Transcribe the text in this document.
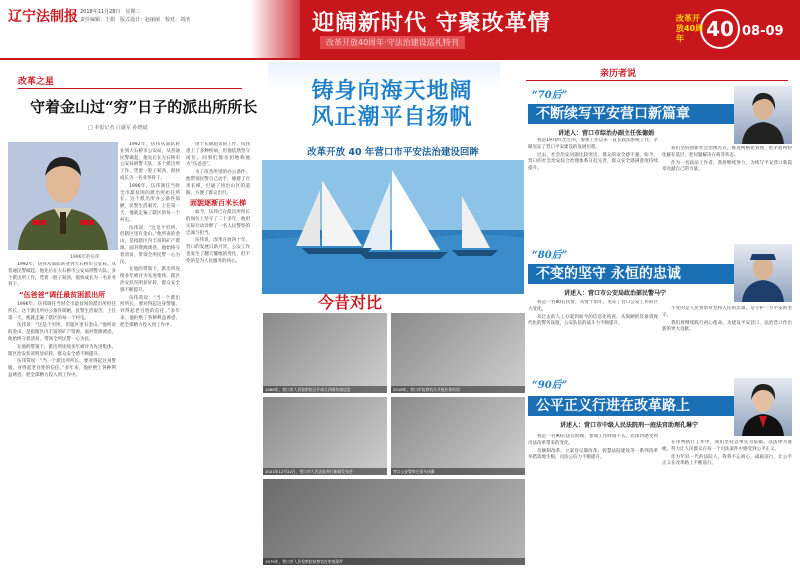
辽宁法制报 2018年11月28日　星期三
责任编辑：王娟　版式设计：赵丽丽　校对：刘清	迎阔新时代 守聚改革情
改革开放40周年·守法治建设巡礼特刊
40
改革开放40周年	08-09
改革之星
守着金山过“穷”日子的派出所所长
□ 本报记者 白盛军 孙晓斌
1996年的伍伟

1992年，伍伟从部队转业到大石桥市公安局。从普通民警做起，他先后在大石桥市公安局刑警大队、多个派出所工作，凭着一股子韧劲，很快成长为一名业务骨干。

1996年，伍伟调任当时全市最贫困的派出所担任所长。这个派出所办公条件简陋，民警生活艰苦，上任第一天，他就走遍了辖区的每一个村屯。

伍伟说：“这是个穷所，但辖区里有金山。”他所说的金山，是指辖区内丰富的矿产资源。面对资源诱惑，他始终守着清贫，带领全所民警一心为民。

在他的带领下，派出所连续多年被评为先进集体，辖区治安状况明显好转，群众安全感不断提升。

伍伟常说：“当一个派出所所长，要对得起这身警服，对得起老百姓的信任。”多年来，他拒绝了各种利益诱惑，把全部精力投入到工作中。

由于长期超负荷工作，伍伟患上了多种疾病，但他依然坚守岗位。同事们都亲切地称他为“伍爸爸”。

为了改善所里的办公条件，他带领民警自己动手，修建了百米长梯，打通了进出山区的道路，方便了群众出行。

面貌逐渐百米长梯

如今，伍伟已在派出所所长的岗位上坚守了二十多年，他用实际行动诠释了一名人民警察的忠诚与担当。

伍伟说，改革开放四十年，营口的发展日新月异，公安工作也发生了翻天覆地的变化，但不变的是为人民服务的初心。

1992年，伍伟从部队转业到大石桥市公安局。从普通民警做起，他先后在大石桥市公安局刑警大队、多个派出所工作，凭着一股子韧劲，很快成长为一名业务骨干。

“伍爸爸”调任最贫困派出所

1996年，伍伟调任当时全市最贫困的派出所担任所长。这个派出所办公条件简陋，民警生活艰苦，上任第一天，他就走遍了辖区的每一个村屯。

伍伟说：“这是个穷所，但辖区里有金山。”他所说的金山，是指辖区内丰富的矿产资源。面对资源诱惑，他始终守着清贫，带领全所民警一心为民。

在他的带领下，派出所连续多年被评为先进集体，辖区治安状况明显好转，群众安全感不断提升。

伍伟常说：“当一个派出所所长，要对得起这身警服，对得起老百姓的信任。”多年来，他拒绝了各种利益诱惑，把全部精力投入到工作中。

铸身向海天地阔
风正潮平自扬帆
改革开放 40 年营口市平安法治建设回眸
今昔对比
1986年，营口市人民检察院召开成立四周年座谈会	2018年，营口市检察机关开展业务培训
2021年12月22日，营口市人民法院举行新闻发布会	营口公安警察在街头执勤
1979年，营口市人民检察院检察官在审查案件
亲历者说
“70后”
不断续写平安营口新篇章
讲述人：营口市综治办副主任张德娟

我是1970年出生的，参加工作以来一直在政法系统工作，亲眼见证了营口平安建设的发展历程。

过去，社会治安问题比较突出，群众的安全感不强。如今，营口的社会治安综合治理体系日趋完善，群众安全感满意度持续提升。

我们坚持创新社会治理方式，推进网格化管理，把矛盾纠纷化解在基层，把问题解决在萌芽状态。

作为一名政法工作者，我将继续努力，为续写平安营口新篇章贡献自己的力量。

“80后”
不变的坚守 永恒的忠诚
讲述人：营口市公安局政治部民警马宁

我是一名80后民警，从警十余年，见证了营口公安工作的巨大变化。

从过去的人工办案到如今的信息化侦查，从简陋的装备到现代化的警务设施，公安队伍的战斗力不断提升。

不变的是人民警察对党和人民的忠诚，是守护一方平安的坚守。

我们将继续践行初心使命，为建设平安营口、法治营口作出新的更大贡献。

“90后”
公平正义行进在改革路上
讲述人：营口市中级人民法院刑一庭法官助理孔琳宁

我是一名90后法官助理，参加工作时间不长，但深切感受到司法改革带来的变化。

员额制改革、立案登记制改革、智慧法院建设等一系列改革举措落地生根，司法公信力不断提升。

在审判执行工作中，我们坚持以事实为依据、以法律为准绳，努力让人民群众在每一个司法案件中感受到公平正义。

作为年轻一代的法院人，我将不忘初心，砥砺前行，让公平正义在改革路上不断前行。
